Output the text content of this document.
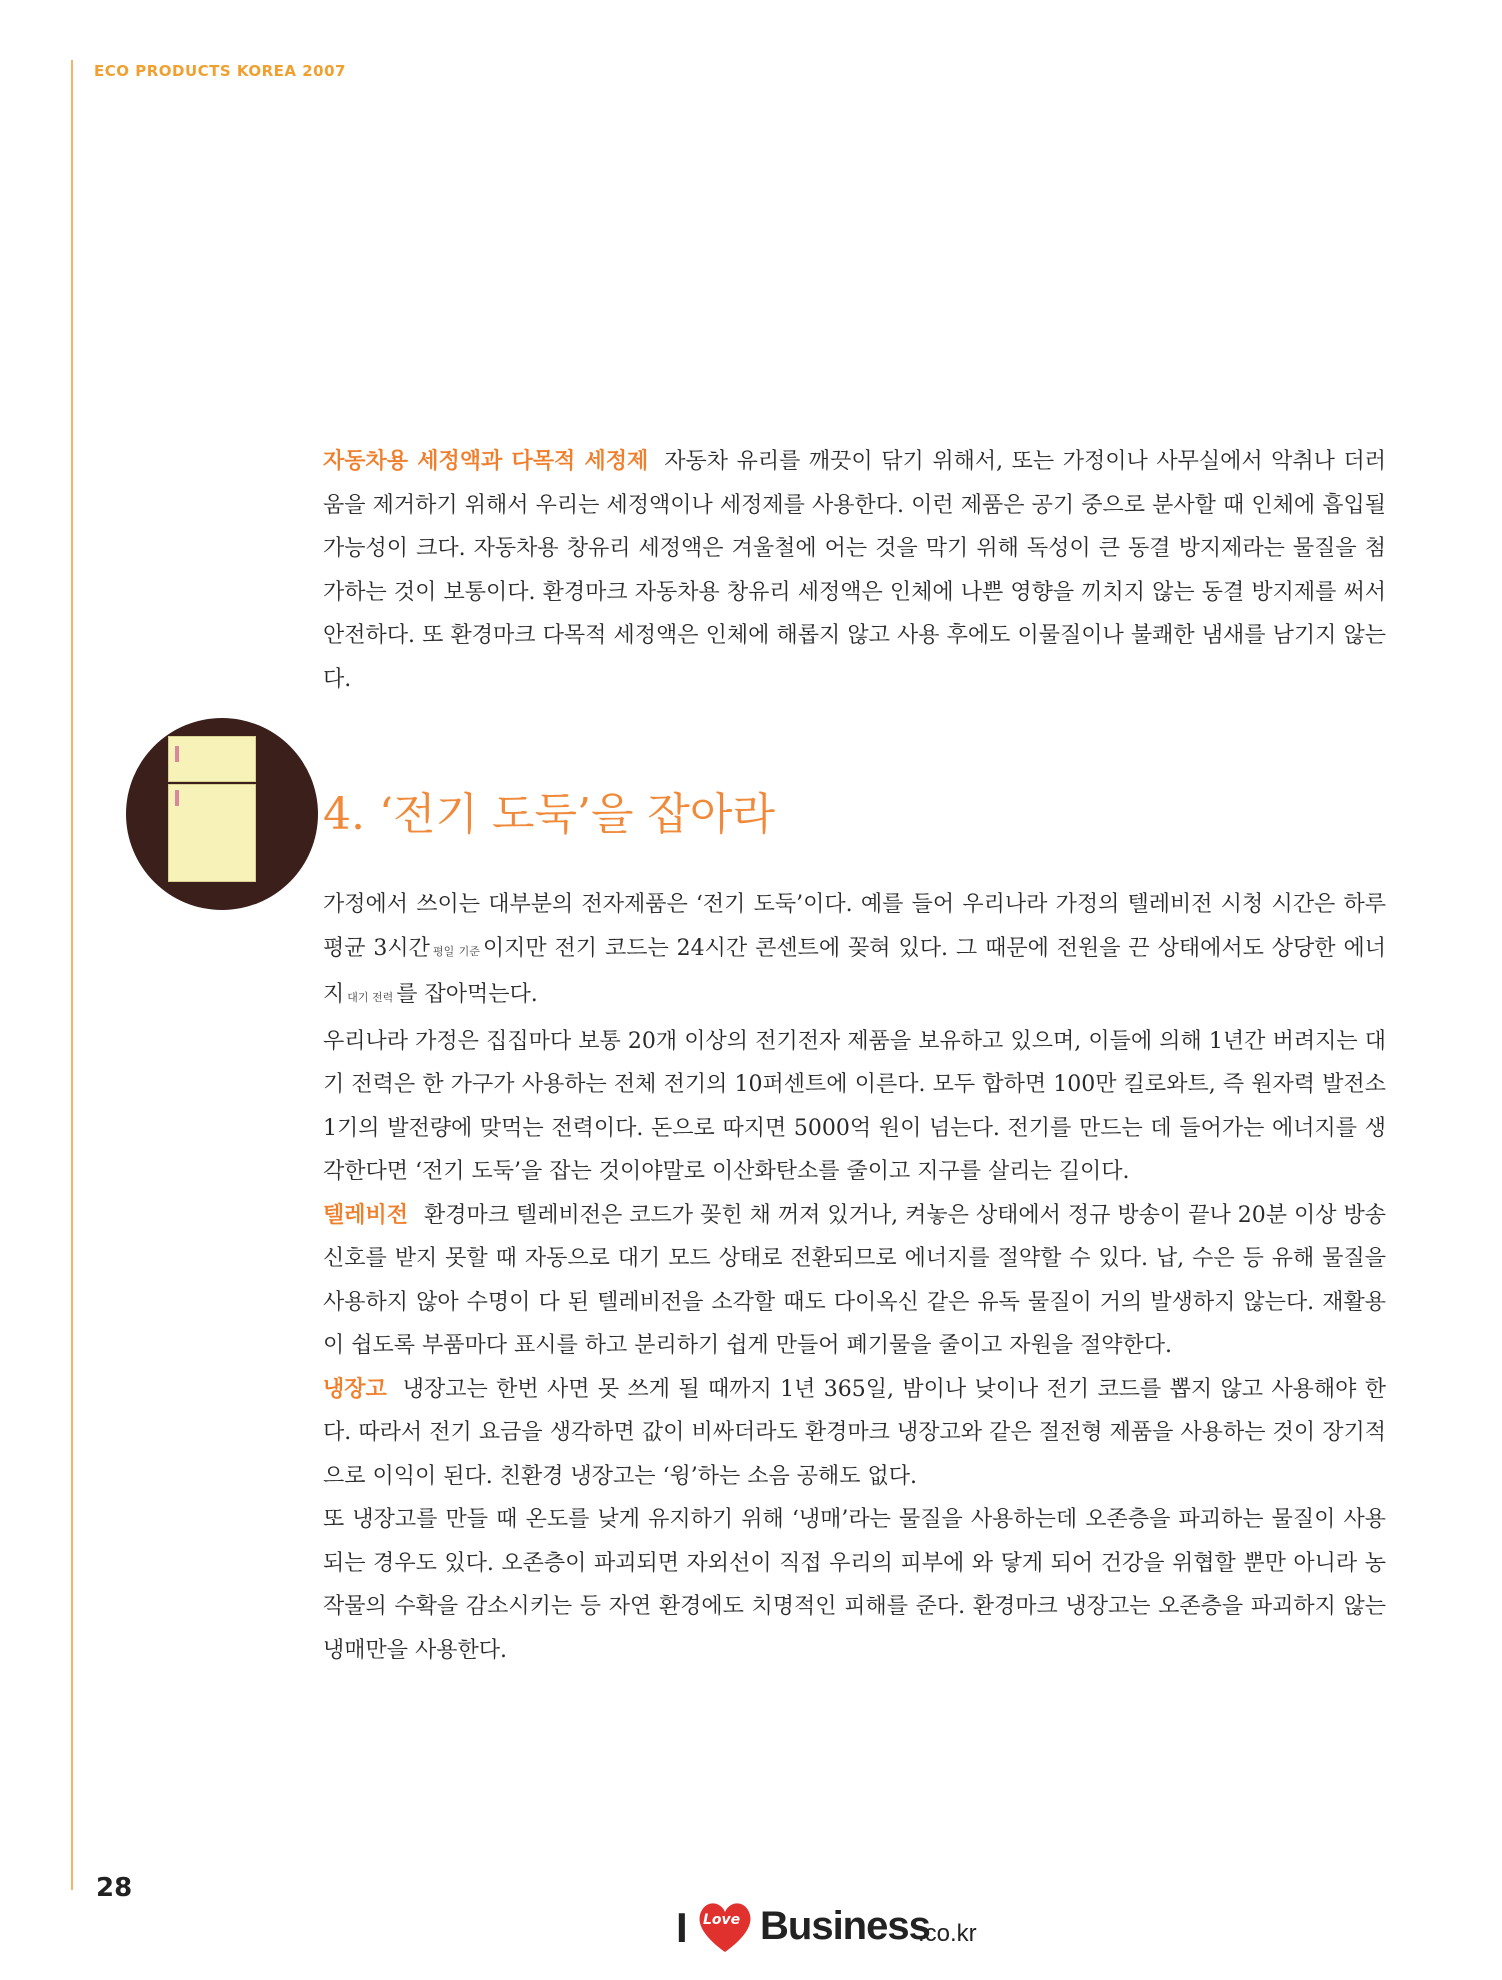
ECO PRODUCTS KOREA 2007

자동차용 세정액과 다목적 세정제 자동차 유리를 깨끗이 닦기 위해서, 또는 가정이나 사무실에서 악취나 더러움을 제거하기 위해서 우리는 세정액이나 세정제를 사용한다. 이런 제품은 공기 중으로 분사할 때 인체에 흡입될 가능성이 크다. 자동차용 창유리 세정액은 겨울철에 어는 것을 막기 위해 독성이 큰 동결 방지제라는 물질을 첨가하는 것이 보통이다. 환경마크 자동차용 창유리 세정액은 인체에 나쁜 영향을 끼치지 않는 동결 방지제를 써서 안전하다. 또 환경마크 다목적 세정액은 인체에 해롭지 않고 사용 후에도 이물질이나 불쾌한 냄새를 남기지 않는다.

4. ‘전기 도둑’을 잡아라

가정에서 쓰이는 대부분의 전자제품은 ‘전기 도둑’이다. 예를 들어 우리나라 가정의 텔레비전 시청 시간은 하루 평균 3시간 평일 기준 이지만 전기 코드는 24시간 콘센트에 꽂혀 있다. 그 때문에 전원을 끈 상태에서도 상당한 에너지 대기 전력 를 잡아먹는다.

우리나라 가정은 집집마다 보통 20개 이상의 전기전자 제품을 보유하고 있으며, 이들에 의해 1년간 버려지는 대기 전력은 한 가구가 사용하는 전체 전기의 10퍼센트에 이른다. 모두 합하면 100만 킬로와트, 즉 원자력 발전소 1기의 발전량에 맞먹는 전력이다. 돈으로 따지면 5000억 원이 넘는다. 전기를 만드는 데 들어가는 에너지를 생각한다면 ‘전기 도둑’을 잡는 것이야말로 이산화탄소를 줄이고 지구를 살리는 길이다.

텔레비전 환경마크 텔레비전은 코드가 꽂힌 채 꺼져 있거나, 켜놓은 상태에서 정규 방송이 끝나 20분 이상 방송 신호를 받지 못할 때 자동으로 대기 모드 상태로 전환되므로 에너지를 절약할 수 있다. 납, 수은 등 유해 물질을 사용하지 않아 수명이 다 된 텔레비전을 소각할 때도 다이옥신 같은 유독 물질이 거의 발생하지 않는다. 재활용이 쉽도록 부품마다 표시를 하고 분리하기 쉽게 만들어 폐기물을 줄이고 자원을 절약한다.

냉장고 냉장고는 한번 사면 못 쓰게 될 때까지 1년 365일, 밤이나 낮이나 전기 코드를 뽑지 않고 사용해야 한다. 따라서 전기 요금을 생각하면 값이 비싸더라도 환경마크 냉장고와 같은 절전형 제품을 사용하는 것이 장기적으로 이익이 된다. 친환경 냉장고는 ‘윙’하는 소음 공해도 없다.

또 냉장고를 만들 때 온도를 낮게 유지하기 위해 ‘냉매’라는 물질을 사용하는데 오존층을 파괴하는 물질이 사용되는 경우도 있다. 오존층이 파괴되면 자외선이 직접 우리의 피부에 와 닿게 되어 건강을 위협할 뿐만 아니라 농작물의 수확을 감소시키는 등 자연 환경에도 치명적인 피해를 준다. 환경마크 냉장고는 오존층을 파괴하지 않는 냉매만을 사용한다.

28
I Love Business
.co.kr
